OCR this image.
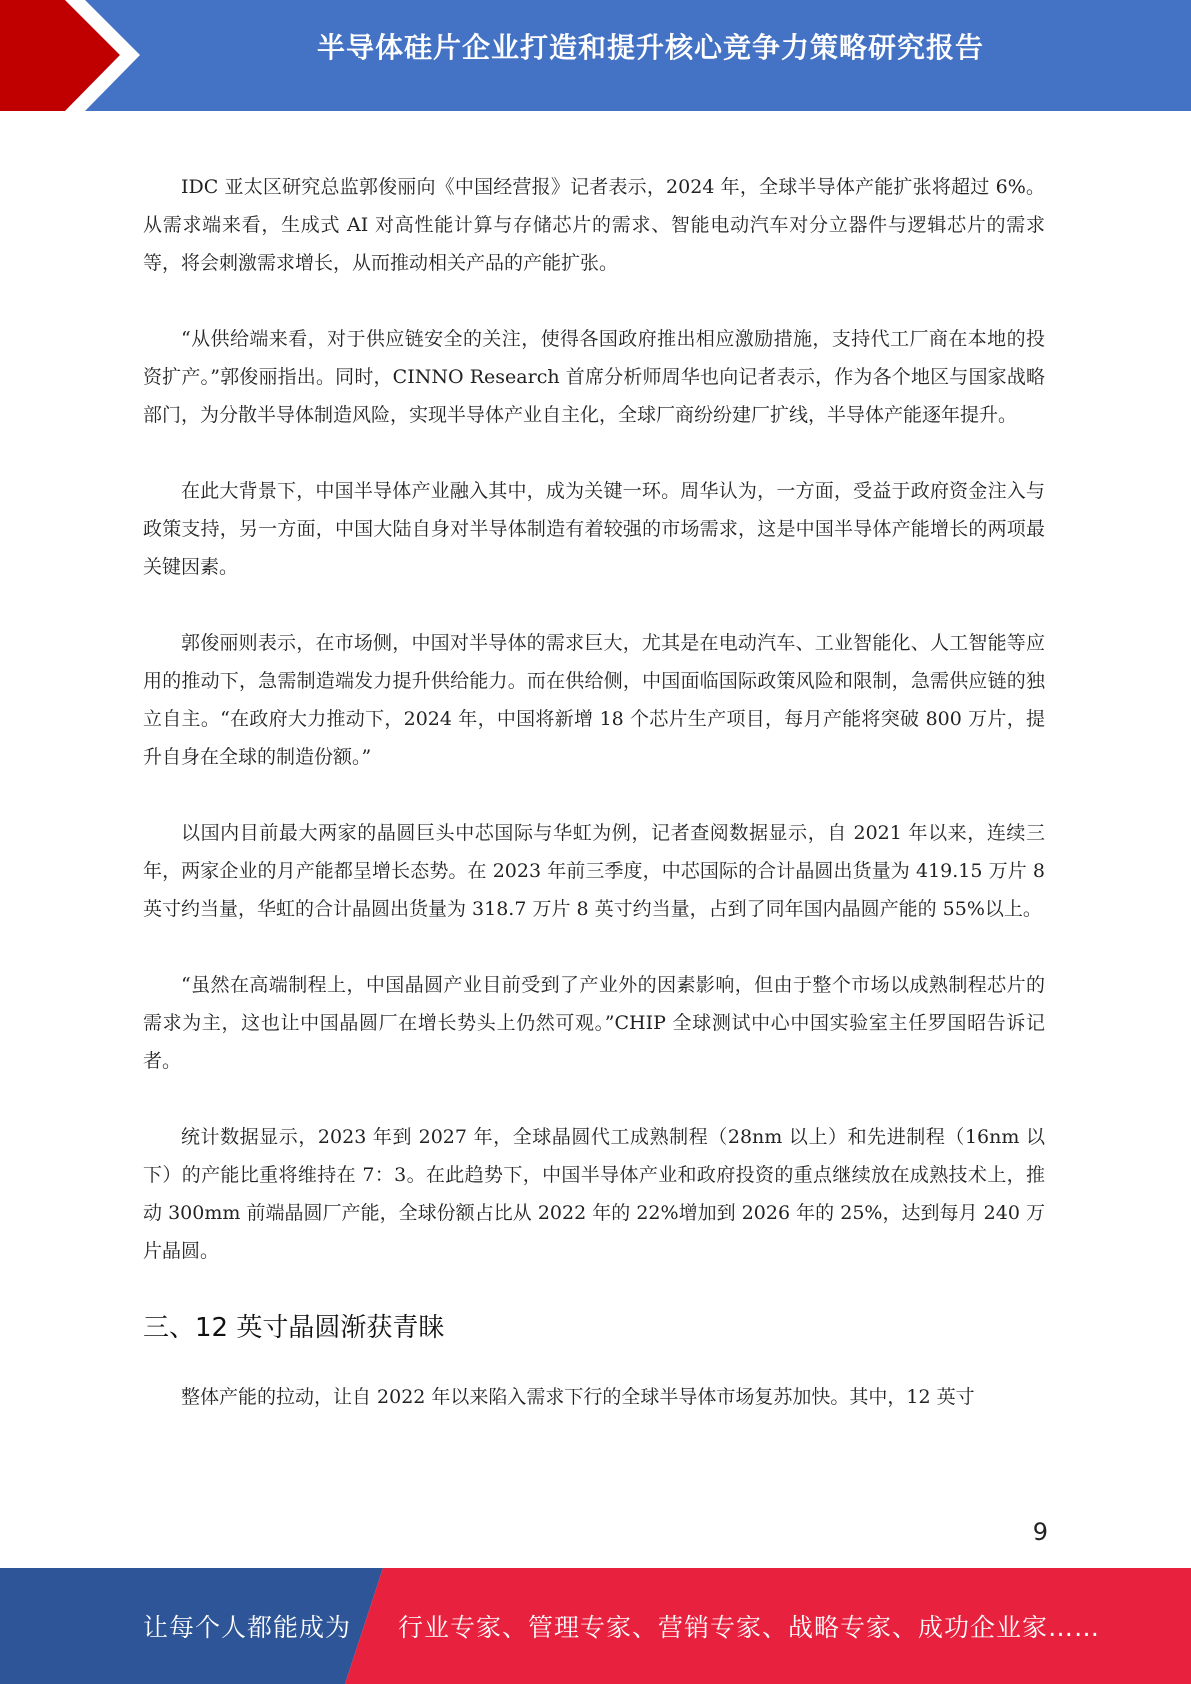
半导体硅片企业打造和提升核心竞争力策略研究报告

IDC 亚太区研究总监郭俊丽向《中国经营报》记者表示，2024 年，全球半导体产能扩张将超过 6%。从需求端来看，生成式 AI 对高性能计算与存储芯片的需求、智能电动汽车对分立器件与逻辑芯片的需求等，将会刺激需求增长，从而推动相关产品的产能扩张。

“从供给端来看，对于供应链安全的关注，使得各国政府推出相应激励措施，支持代工厂商在本地的投资扩产。”郭俊丽指出。同时，CINNO Research 首席分析师周华也向记者表示，作为各个地区与国家战略部门，为分散半导体制造风险，实现半导体产业自主化，全球厂商纷纷建厂扩线，半导体产能逐年提升。

在此大背景下，中国半导体产业融入其中，成为关键一环。周华认为，一方面，受益于政府资金注入与政策支持，另一方面，中国大陆自身对半导体制造有着较强的市场需求，这是中国半导体产能增长的两项最关键因素。

郭俊丽则表示，在市场侧，中国对半导体的需求巨大，尤其是在电动汽车、工业智能化、人工智能等应用的推动下，急需制造端发力提升供给能力。而在供给侧，中国面临国际政策风险和限制，急需供应链的独立自主。“在政府大力推动下，2024 年，中国将新增 18 个芯片生产项目，每月产能将突破 800 万片，提升自身在全球的制造份额。”

以国内目前最大两家的晶圆巨头中芯国际与华虹为例，记者查阅数据显示，自 2021 年以来，连续三年，两家企业的月产能都呈增长态势。在 2023 年前三季度，中芯国际的合计晶圆出货量为 419.15 万片 8 英寸约当量，华虹的合计晶圆出货量为 318.7 万片 8 英寸约当量，占到了同年国内晶圆产能的 55%以上。

“虽然在高端制程上，中国晶圆产业目前受到了产业外的因素影响，但由于整个市场以成熟制程芯片的需求为主，这也让中国晶圆厂在增长势头上仍然可观。”CHIP 全球测试中心中国实验室主任罗国昭告诉记者。

统计数据显示，2023 年到 2027 年，全球晶圆代工成熟制程（28nm 以上）和先进制程（16nm 以下）的产能比重将维持在 7：3。在此趋势下，中国半导体产业和政府投资的重点继续放在成熟技术上，推动 300mm 前端晶圆厂产能，全球份额占比从 2022 年的 22%增加到 2026 年的 25%，达到每月 240 万片晶圆。

三、12 英寸晶圆渐获青睐

整体产能的拉动，让自 2022 年以来陷入需求下行的全球半导体市场复苏加快。其中，12 英寸

9
让每个人都能成为 行业专家、管理专家、营销专家、战略专家、成功企业家……
